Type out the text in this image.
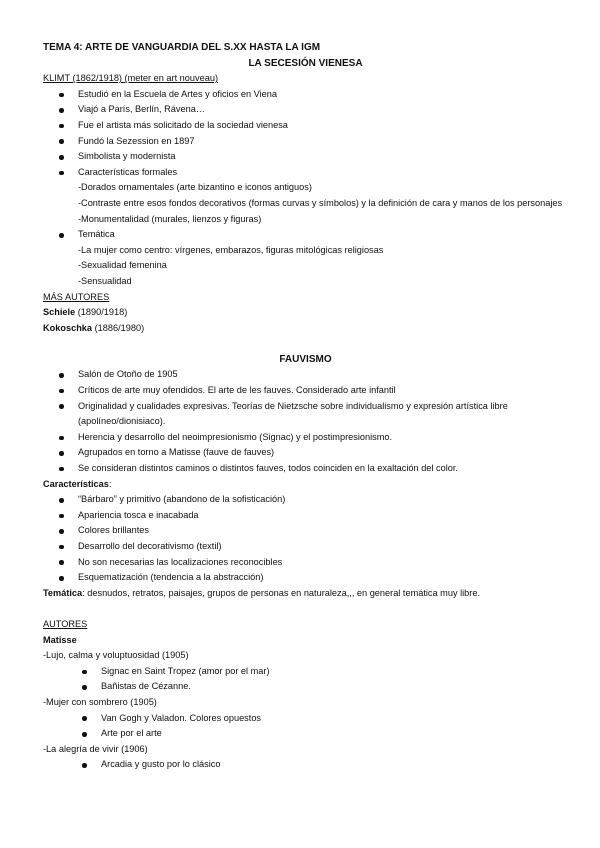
TEMA 4: ARTE DE VANGUARDIA DEL S.XX HASTA LA IGM
LA SECESIÓN VIENESA
KLIMT (1862/1918) (meter en art nouveau)
Estudió en la Escuela de Artes y oficios en Viena
Viajó a París, Berlín, Rávena…
Fue el artista más solicitado de la sociedad vienesa
Fundó la Sezession en 1897
Simbolista y modernista
Características formales
-Dorados ornamentales (arte bizantino e iconos antiguos)
-Contraste entre esos fondos decorativos (formas curvas y símbolos) y la definición de cara y manos de los personajes
-Monumentalidad (murales, lienzos y figuras)
Temática
-La mujer como centro: vírgenes, embarazos, figuras mitológicas religiosas
-Sexualidad femenina
-Sensualidad
MÁS AUTORES
Schiele (1890/1918)
Kokoschka (1886/1980)
FAUVISMO
Salón de Otoño de 1905
Críticos de arte muy ofendidos. El arte de les fauves. Considerado arte infantil
Originalidad y cualidades expresivas. Teorías de Nietzsche sobre individualismo y expresión artística libre (apolíneo/dionisiaco).
Herencia y desarrollo del neoimpresionismo (Signac) y el postimpresionismo.
Agrupados en torno a Matisse (fauve de fauves)
Se consideran distintos caminos o distintos fauves, todos coinciden en la exaltación del color.
Características:
“Bárbaro” y primitivo (abandono de la sofisticación)
Apariencia tosca e inacabada
Colores brillantes
Desarrollo del decorativismo (textil)
No son necesarias las localizaciones reconocibles
Esquematización (tendencia a la abstracción)
Temática: desnudos, retratos, paisajes, grupos de personas en naturaleza,,, en general temática muy libre.
AUTORES
Matisse
-Lujo, calma y voluptuosidad (1905)
Signac en Saint Tropez (amor por el mar)
Bañistas de Cézanne.
-Mujer con sombrero (1905)
Van Gogh y Valadon. Colores opuestos
Arte por el arte
-La alegría de vivir (1906)
Arcadia y gusto por lo clásico
